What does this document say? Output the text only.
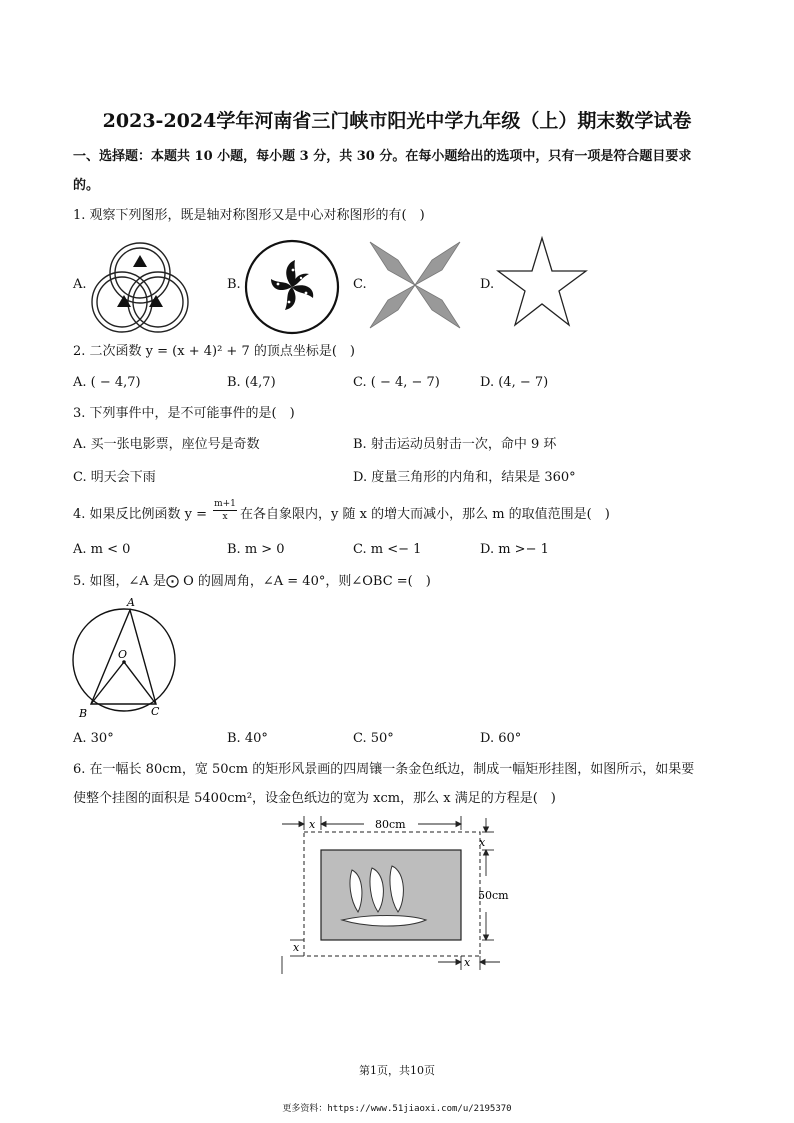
2023-2024学年河南省三门峡市阳光中学九年级（上）期末数学试卷
一、选择题：本题共 10 小题，每小题 3 分，共 30 分。在每小题给出的选项中，只有一项是符合题目要求
的。
1. 观察下列图形，既是轴对称图形又是中心对称图形的有(　)
A.	B.	C.	D.
2. 二次函数 y = (x + 4)² + 7 的顶点坐标是(　)
A. ( − 4,7)	B. (4,7)	C. ( − 4, − 7)	D. (4, − 7)
3. 下列事件中，是不可能事件的是(　)
A. 买一张电影票，座位号是奇数	B. 射击运动员射击一次，命中 9 环
C. 明天会下雨	D. 度量三角形的内角和，结果是 360°
4. 如果反比例函数 y =
m+1
x 在各自象限内，y 随 x 的增大而减小，那么 m 的取值范围是(　)
A. m < 0	B. m > 0	C. m <− 1	D. m >− 1
5. 如图，∠A 是⨀ O 的圆周角，∠A = 40°，则∠OBC =(　)
A
O
B	C
A. 30°	B. 40°	C. 50°	D. 60°
6. 在一幅长 80cm，宽 50cm 的矩形风景画的四周镶一条金色纸边，制成一幅矩形挂图，如图所示，如果要
使整个挂图的面积是 5400cm²，设金色纸边的宽为 xcm，那么 x 满足的方程是(　)
80cm
x
x
50cm
x
x
第1页，共10页
更多资料：https://www.51jiaoxi.com/u/2195370
